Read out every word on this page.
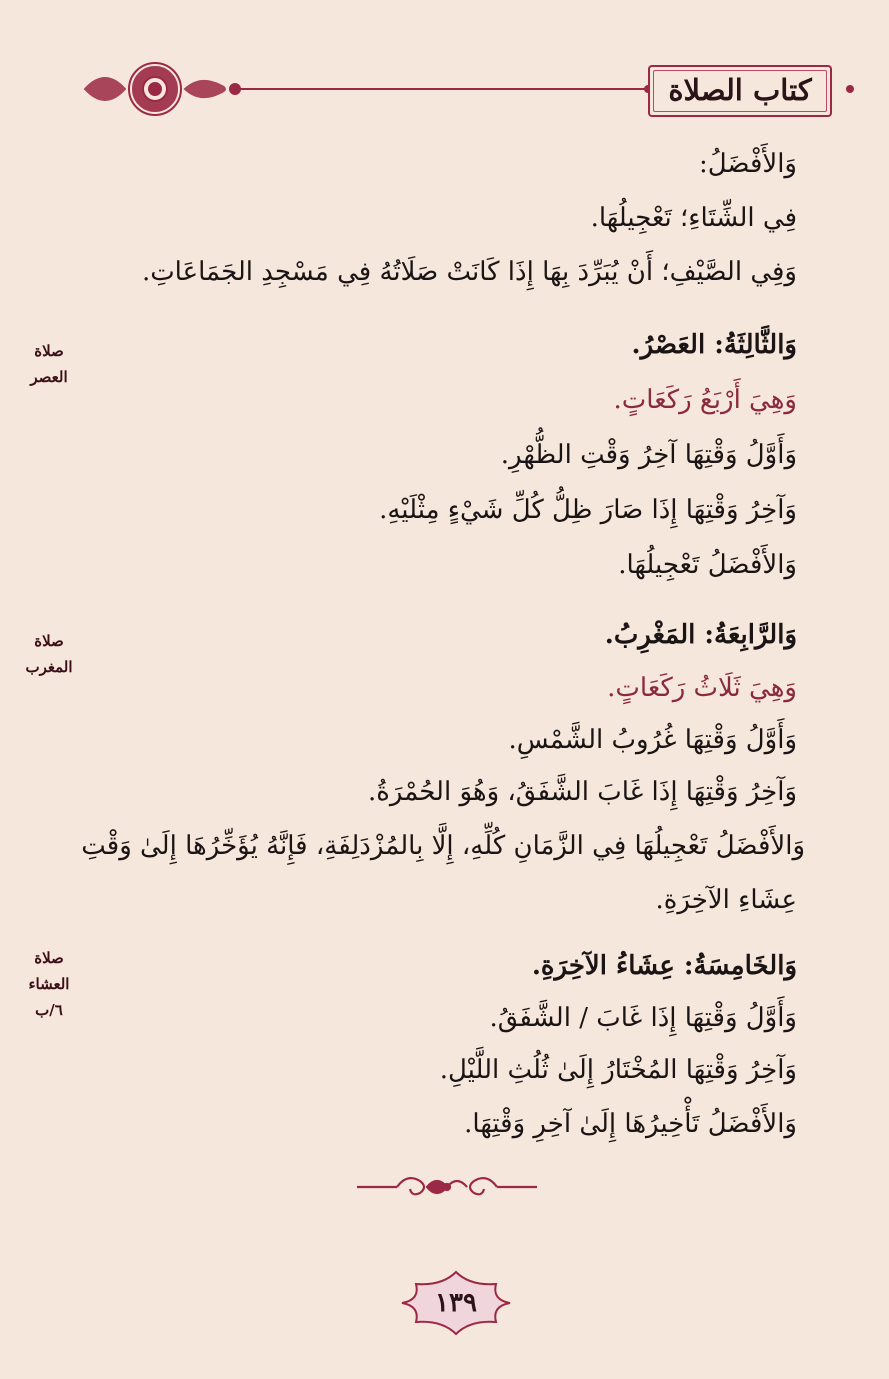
كتاب الصلاة
وَالأَفْضَلُ:
فِي الشِّتَاءِ؛ تَعْجِيلُهَا.
وَفِي الصَّيْفِ؛ أَنْ يُبَرِّدَ بِهَا إِذَا كَانَتْ صَلَاتُهُ فِي مَسْجِدِ الجَمَاعَاتِ.
صلاة
العصر
وَالثَّالِثَةُ: العَصْرُ.
وَهِيَ أَرْبَعُ رَكَعَاتٍ.
وَأَوَّلُ وَقْتِهَا آخِرُ وَقْتِ الظُّهْرِ.
وَآخِرُ وَقْتِهَا إِذَا صَارَ ظِلُّ كُلِّ شَيْءٍ مِثْلَيْهِ.
وَالأَفْضَلُ تَعْجِيلُهَا.
صلاة
المغرب
وَالرَّابِعَةُ: المَغْرِبُ.
وَهِيَ ثَلَاثُ رَكَعَاتٍ.
وَأَوَّلُ وَقْتِهَا غُرُوبُ الشَّمْسِ.
وَآخِرُ وَقْتِهَا إِذَا غَابَ الشَّفَقُ، وَهُوَ الحُمْرَةُ.
وَالأَفْضَلُ تَعْجِيلُهَا فِي الزَّمَانِ كُلِّهِ، إِلَّا بِالمُزْدَلِفَةِ، فَإِنَّهُ يُؤَخِّرُهَا إِلَىٰ وَقْتِ
عِشَاءِ الآخِرَةِ.
صلاة
العشاء
٦/ب
وَالخَامِسَةُ: عِشَاءُ الآخِرَةِ.
وَأَوَّلُ وَقْتِهَا إِذَا غَابَ / الشَّفَقُ.
وَآخِرُ وَقْتِهَا المُخْتَارُ إِلَىٰ ثُلُثِ اللَّيْلِ.
وَالأَفْضَلُ تَأْخِيرُهَا إِلَىٰ آخِرِ وَقْتِهَا.
١٣٩
